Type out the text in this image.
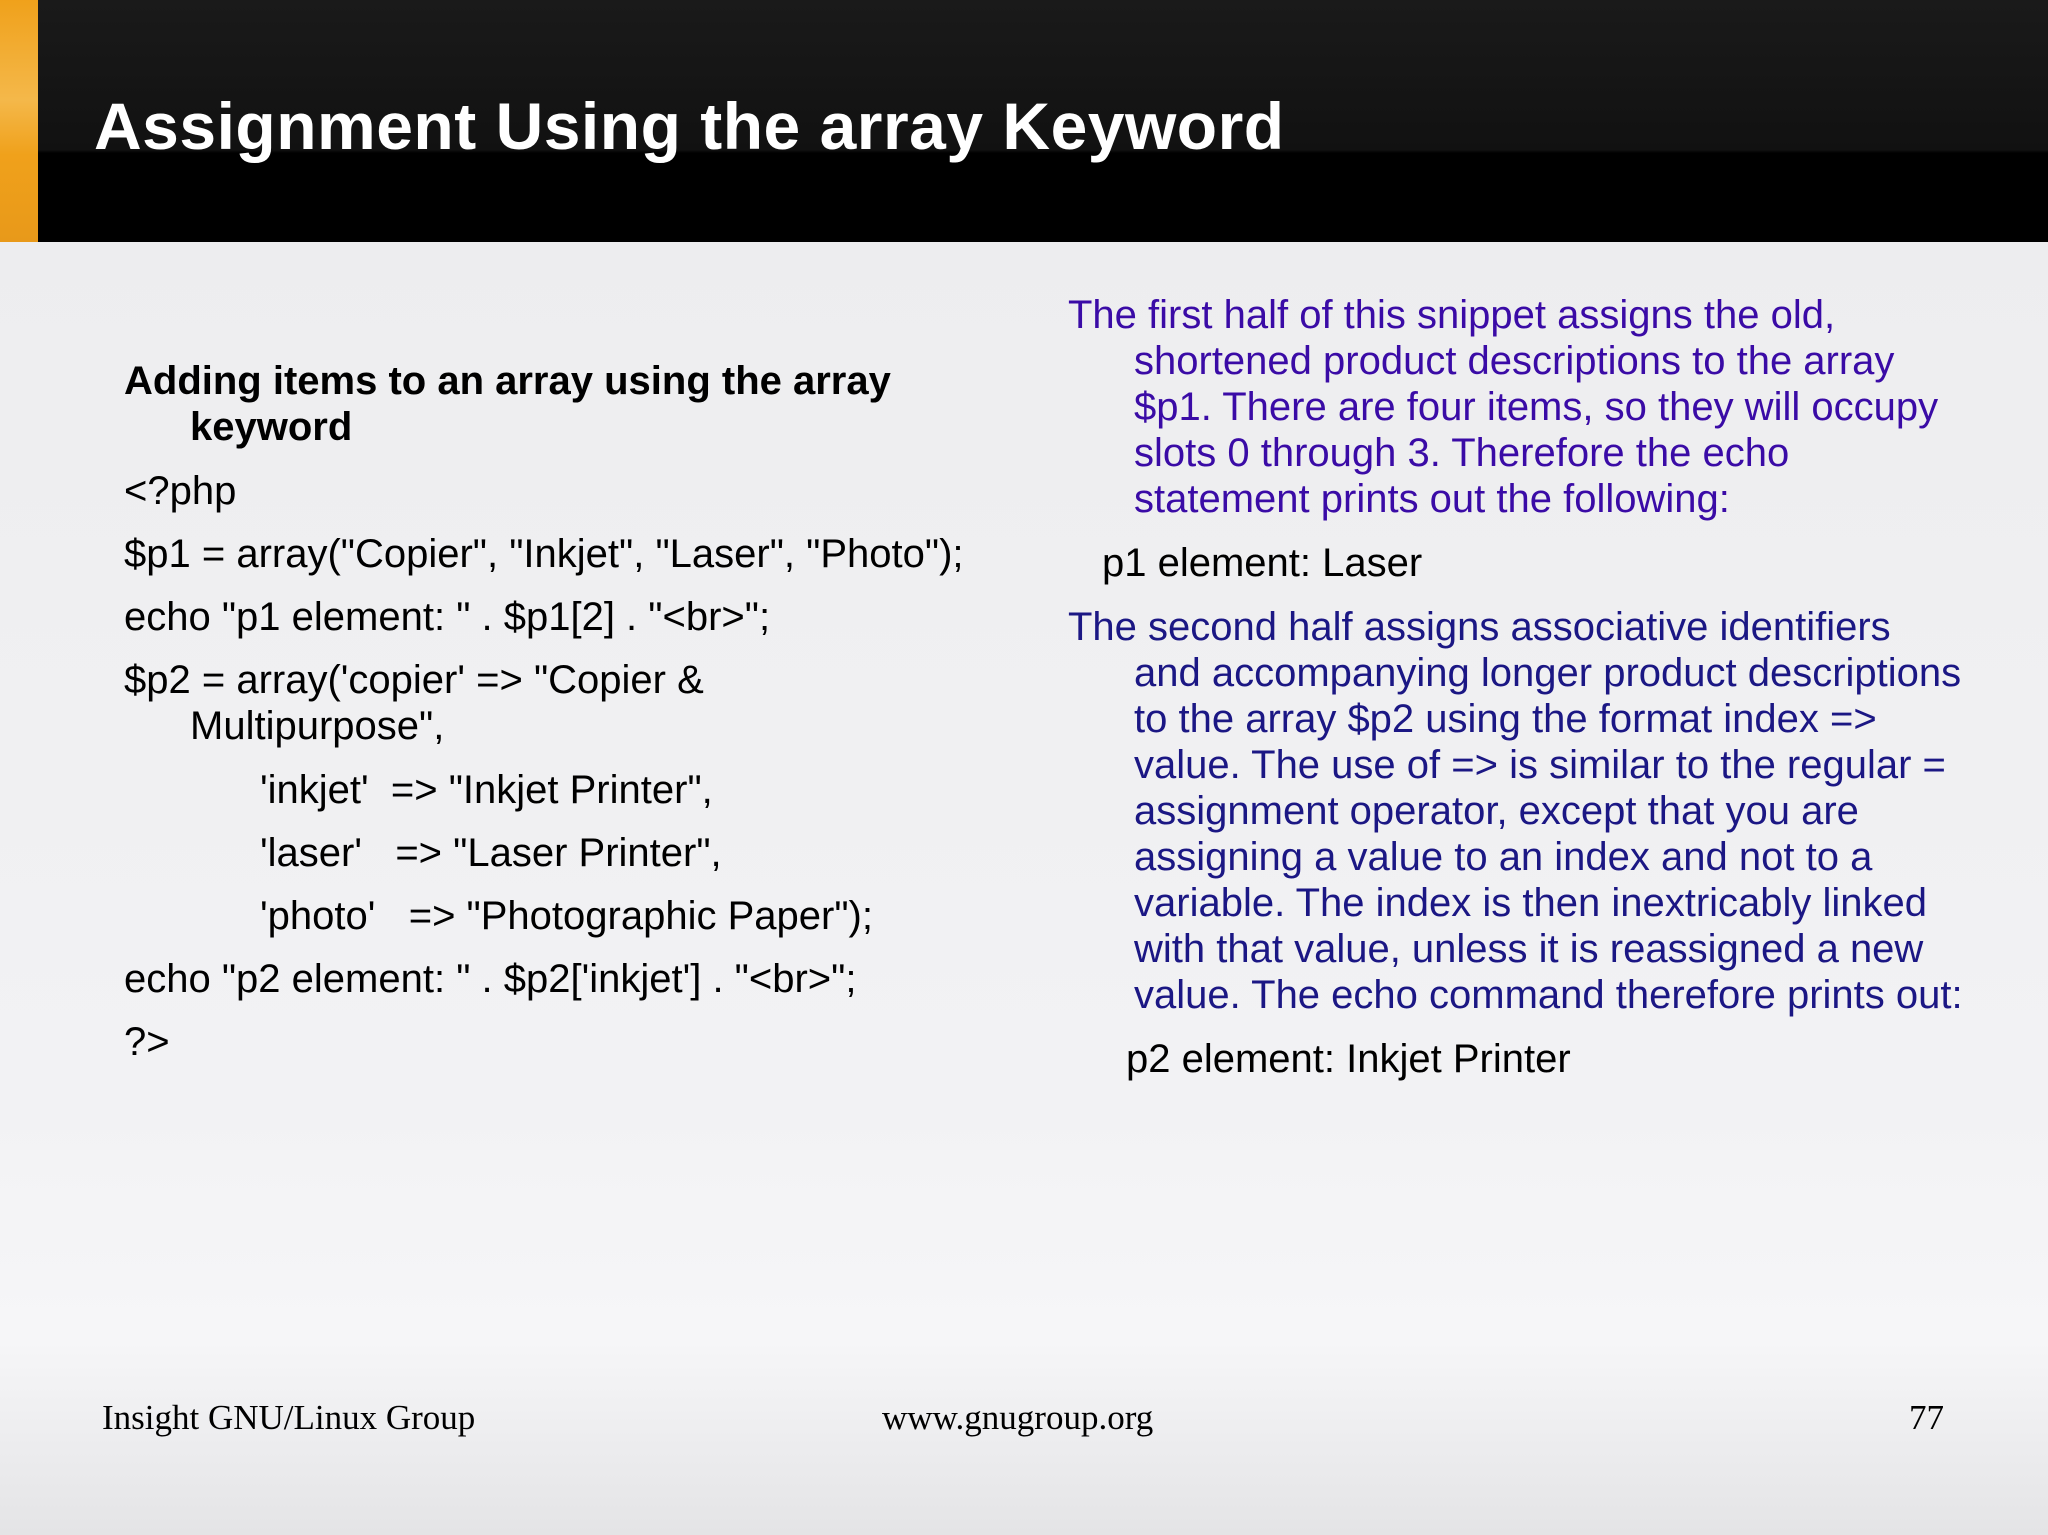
Assignment Using the array Keyword
Adding items to an array using the array keyword
<?php
$p1 = array("Copier", "Inkjet", "Laser", "Photo");
echo "p1 element: " . $p1[2] . "<br>";
$p2 = array('copier' => "Copier & Multipurpose",
'inkjet'  => "Inkjet Printer",
'laser'   => "Laser Printer",
'photo'   => "Photographic Paper");
echo "p2 element: " . $p2['inkjet'] . "<br>";
?>
The first half of this snippet assigns the old, shortened product descriptions to the array $p1. There are four items, so they will occupy slots 0 through 3. Therefore the echo statement prints out the following:
p1 element: Laser
The second half assigns associative identifiers and accompanying longer product descriptions to the array $p2 using the format index => value. The use of => is similar to the regular = assignment operator, except that you are assigning a value to an index and not to a variable. The index is then inextricably linked with that value, unless it is reassigned a new value. The echo command therefore prints out:
p2 element: Inkjet Printer
Insight GNU/Linux Group	www.gnugroup.org	77
